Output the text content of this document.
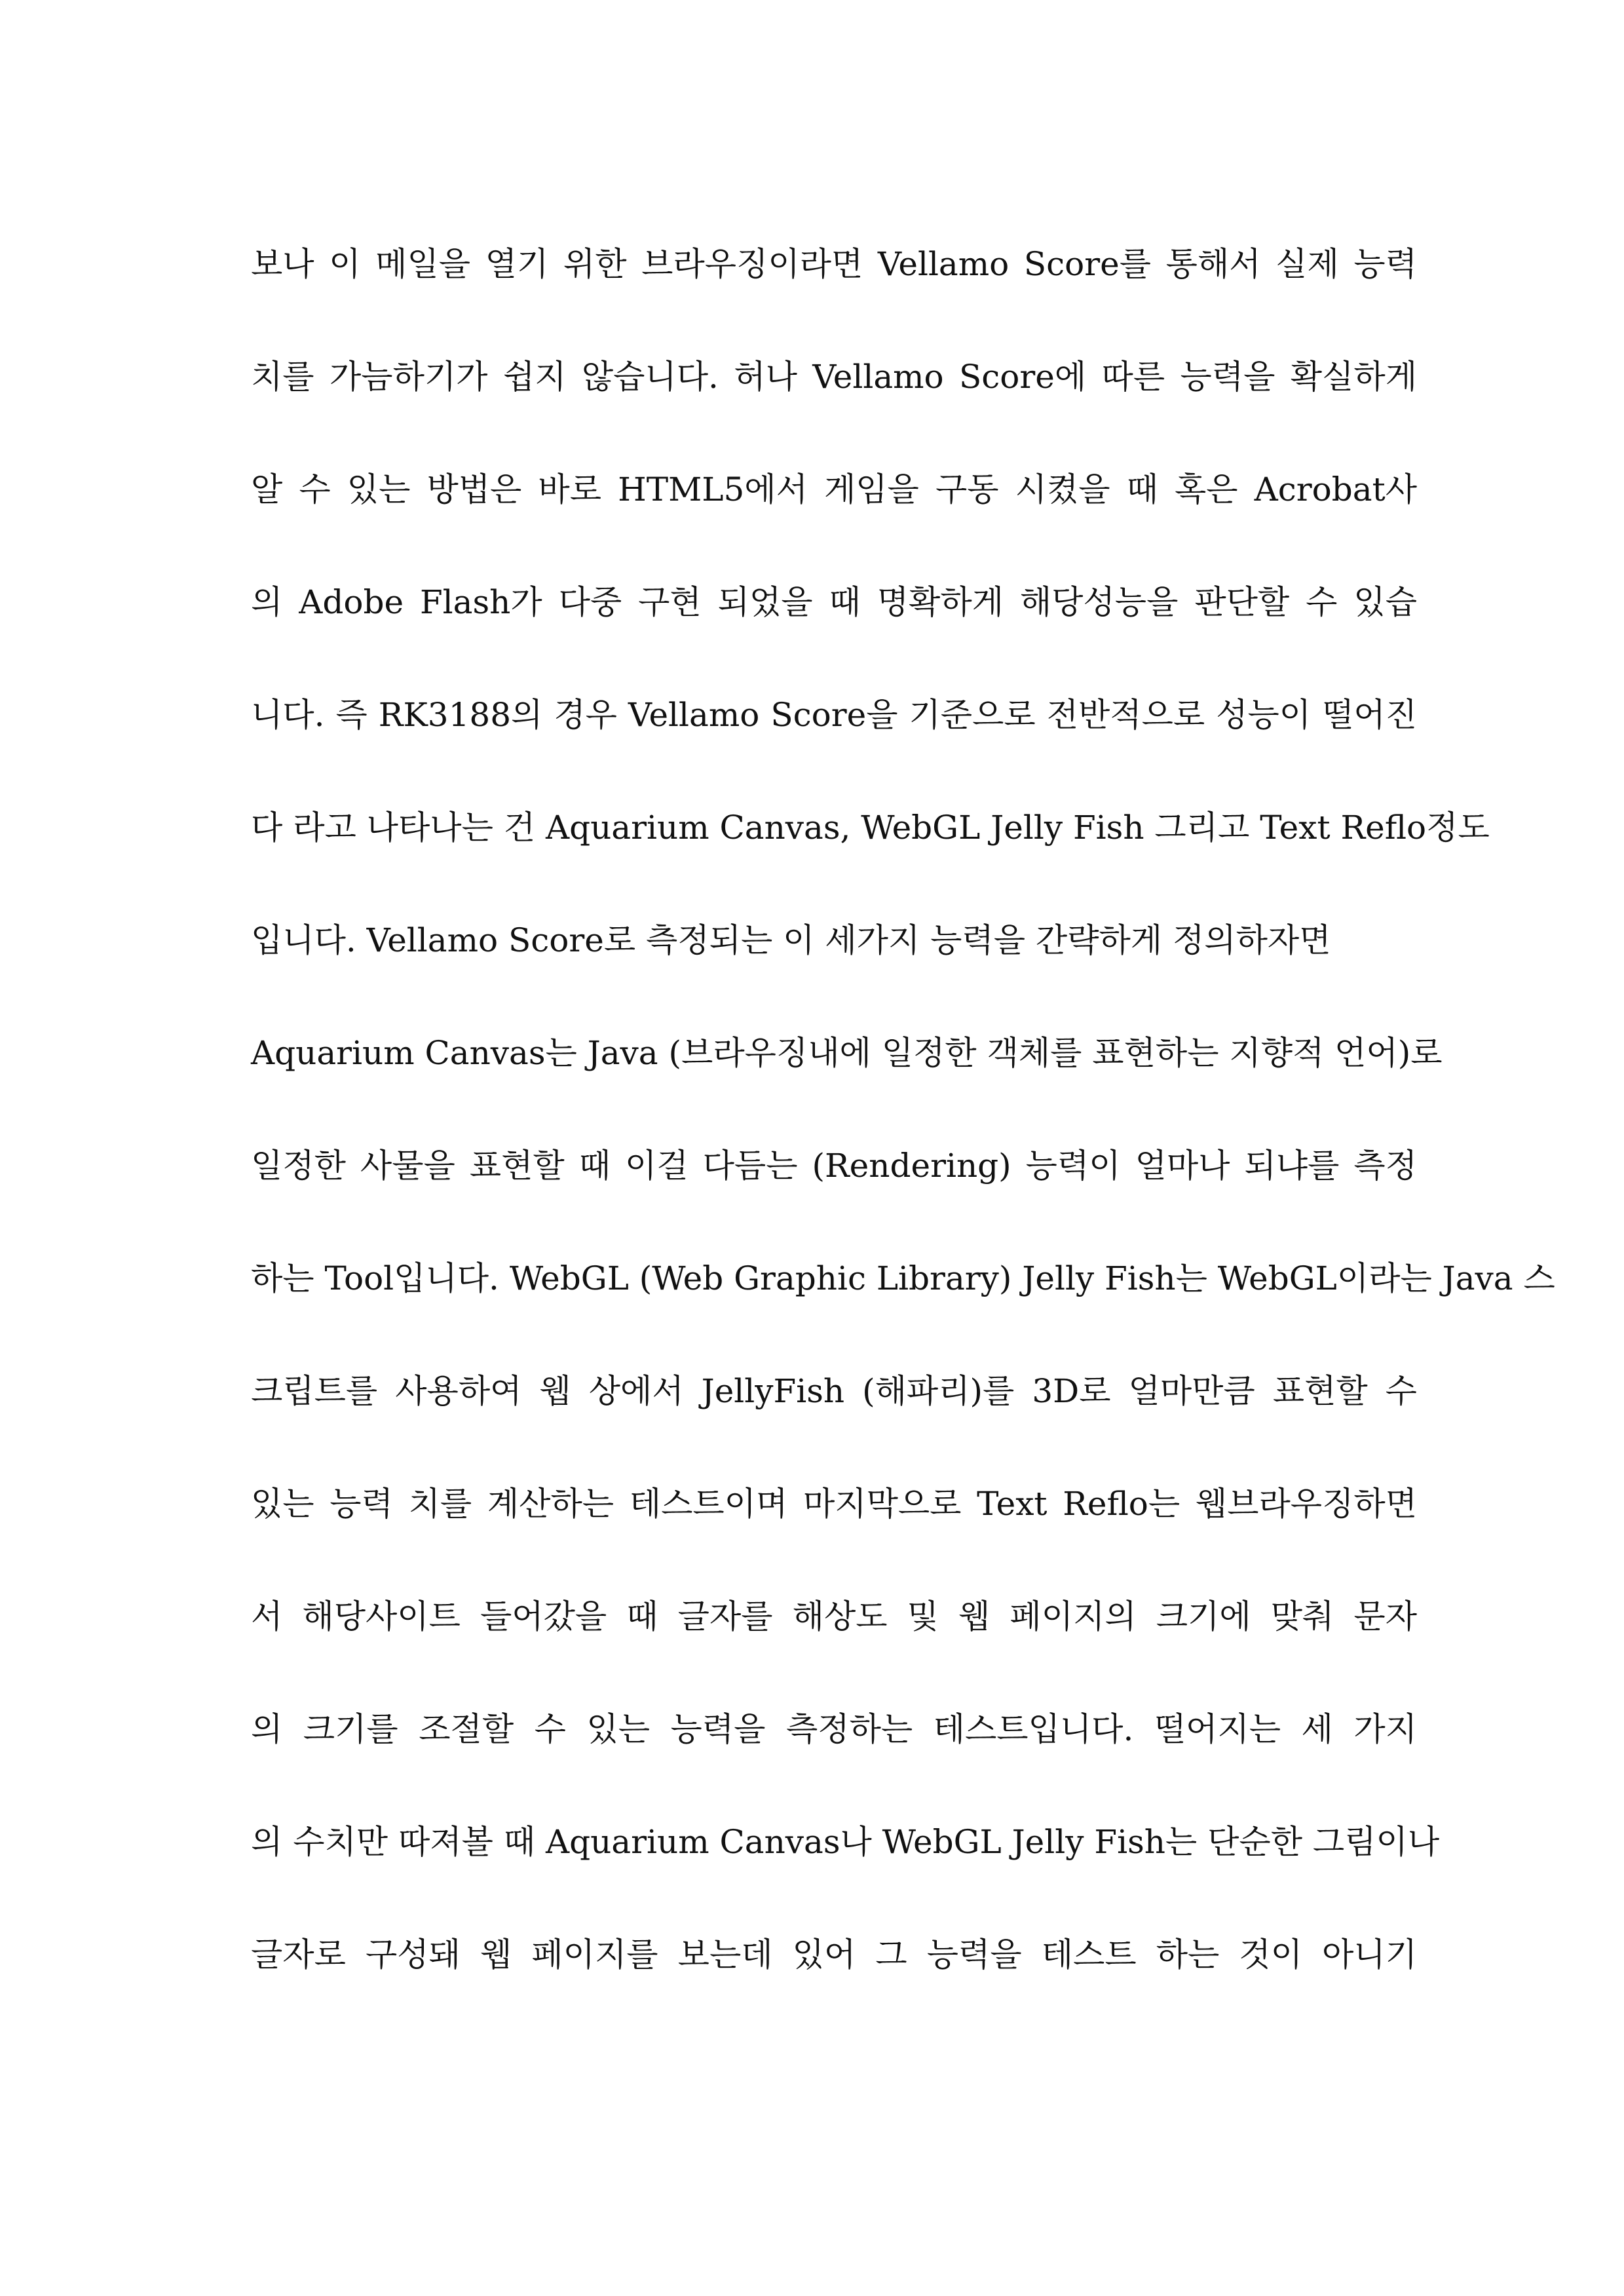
보나 이 메일을 열기 위한 브라우징이라면 Vellamo Score를 통해서 실제 능력
치를 가늠하기가 쉽지 않습니다. 허나 Vellamo Score에 따른 능력을 확실하게
알 수 있는 방법은 바로 HTML5에서 게임을 구동 시켰을 때 혹은 Acrobat사
의 Adobe Flash가 다중 구현 되었을 때 명확하게 해당성능을 판단할 수 있습
니다. 즉 RK3188의 경우 Vellamo Score을 기준으로 전반적으로 성능이 떨어진
다 라고 나타나는 건 Aquarium Canvas, WebGL Jelly Fish 그리고 Text Reflo정도
입니다. Vellamo Score로 측정되는 이 세가지 능력을 간략하게 정의하자면
Aquarium Canvas는 Java (브라우징내에 일정한 객체를 표현하는 지향적 언어)로
일정한 사물을 표현할 때 이걸 다듬는 (Rendering) 능력이 얼마나 되냐를 측정
하는 Tool입니다. WebGL (Web Graphic Library) Jelly Fish는 WebGL이라는 Java 스
크립트를 사용하여 웹 상에서 JellyFish (해파리)를 3D로 얼마만큼 표현할 수
있는 능력 치를 계산하는 테스트이며 마지막으로 Text Reflo는 웹브라우징하면
서 해당사이트 들어갔을 때 글자를 해상도 및 웹 페이지의 크기에 맞춰 문자
의 크기를 조절할 수 있는 능력을 측정하는 테스트입니다. 떨어지는 세 가지
의 수치만 따져볼 때 Aquarium Canvas나 WebGL Jelly Fish는 단순한 그림이나
글자로 구성돼 웹 페이지를 보는데 있어 그 능력을 테스트 하는 것이 아니기
